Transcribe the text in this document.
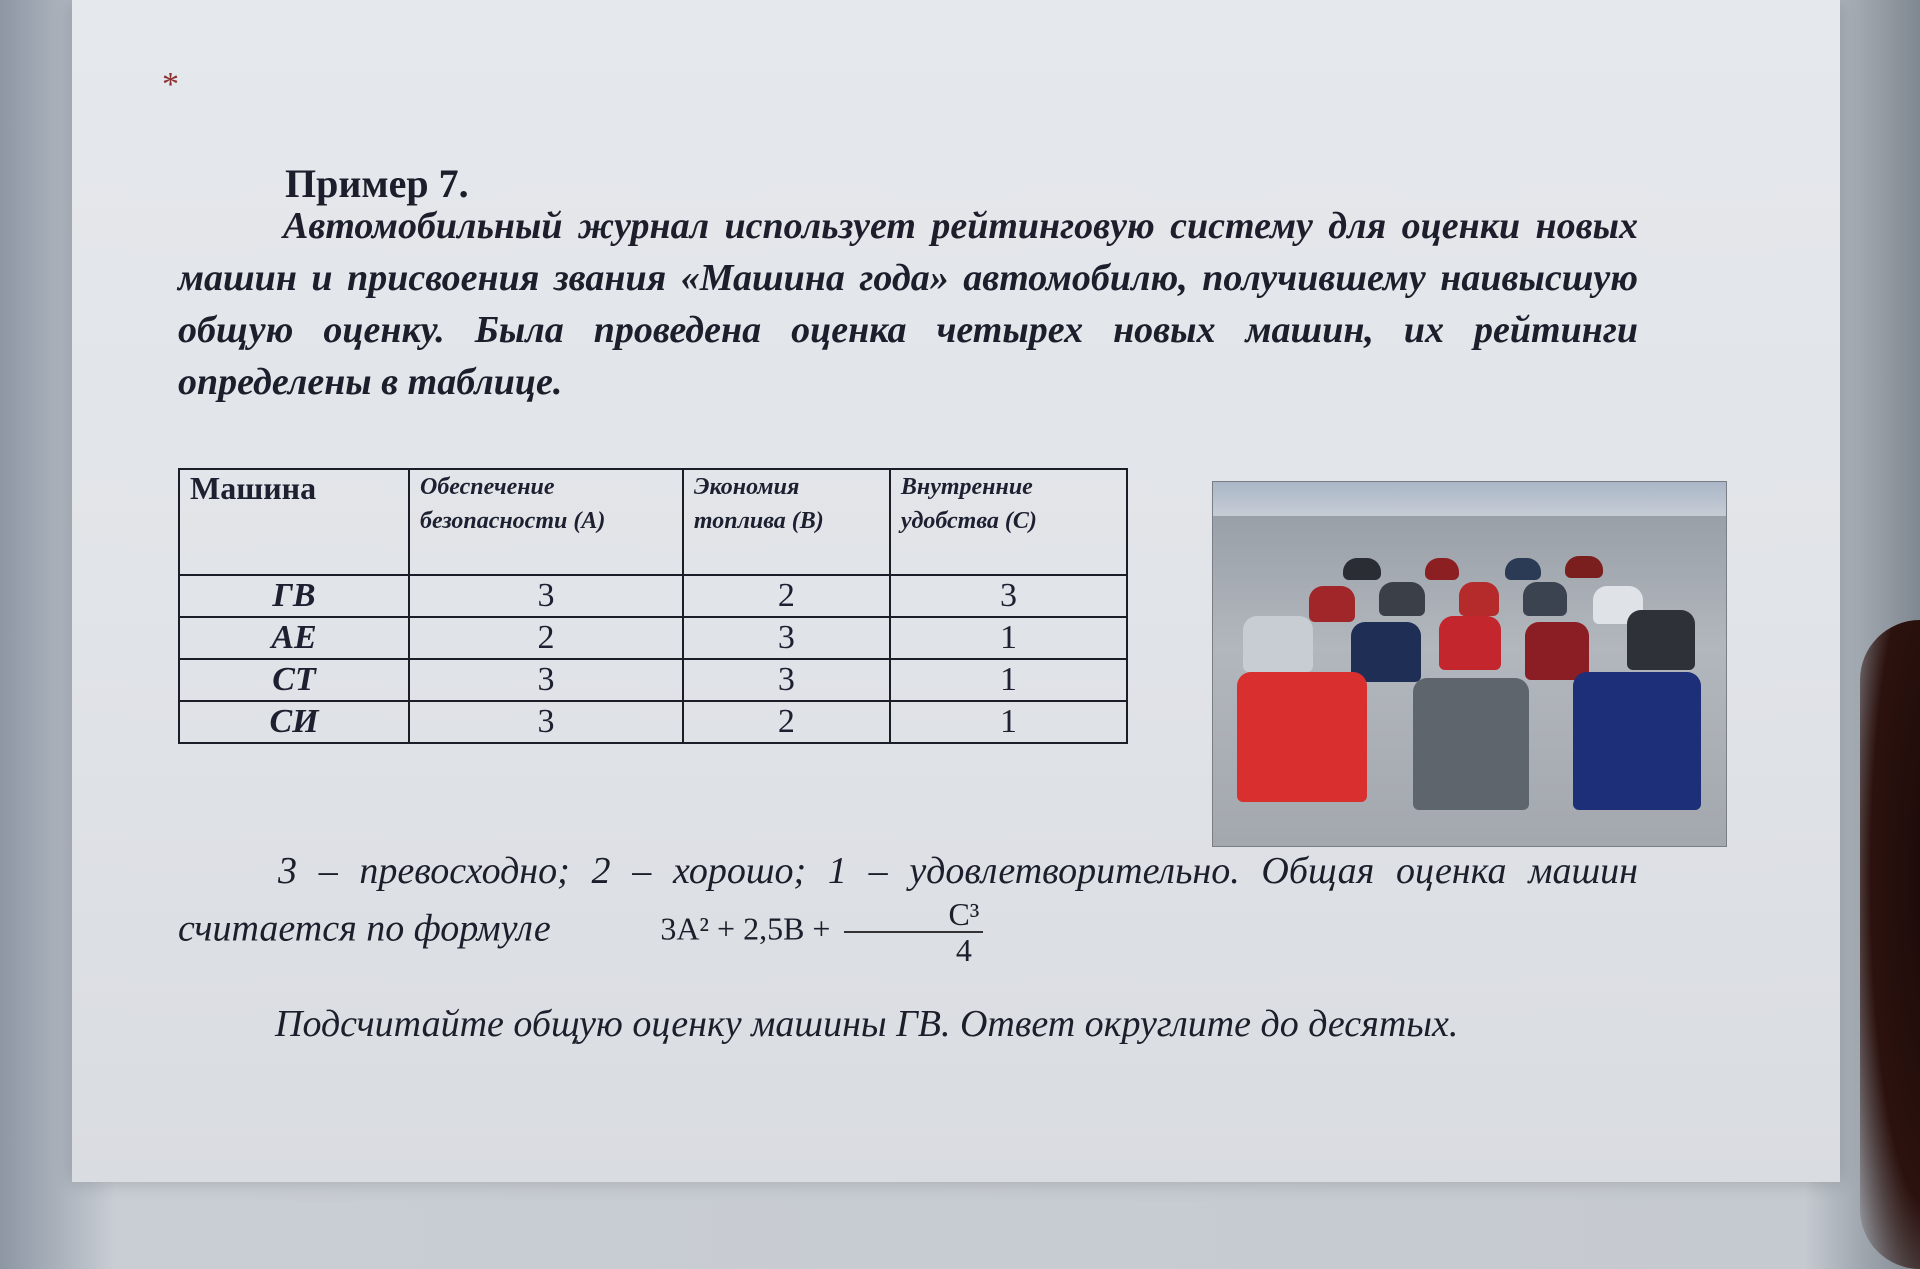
*
Пример 7.
Автомобильный журнал использует рейтинговую систему для оценки новых машин и присвоения звания «Машина года» автомобилю, получившему наивысшую общую оценку. Была проведена оценка четырех новых машин, их рейтинги определены в таблице.
Машина	Обеспечение безопасности (А)	Экономия топлива (В)	Внутренние удобства (С)
ГВ	3	2	3
АЕ	2	3	1
СТ	3	3	1
СИ	3	2	1
3 – превосходно; 2 – хорошо; 1 – удовлетворительно. Общая оценка машин считается по формуле	$3A^2 + 2,5B + \frac{\text{C³}}{4}$
Подсчитайте общую оценку машины ГВ. Ответ округлите до десятых.
